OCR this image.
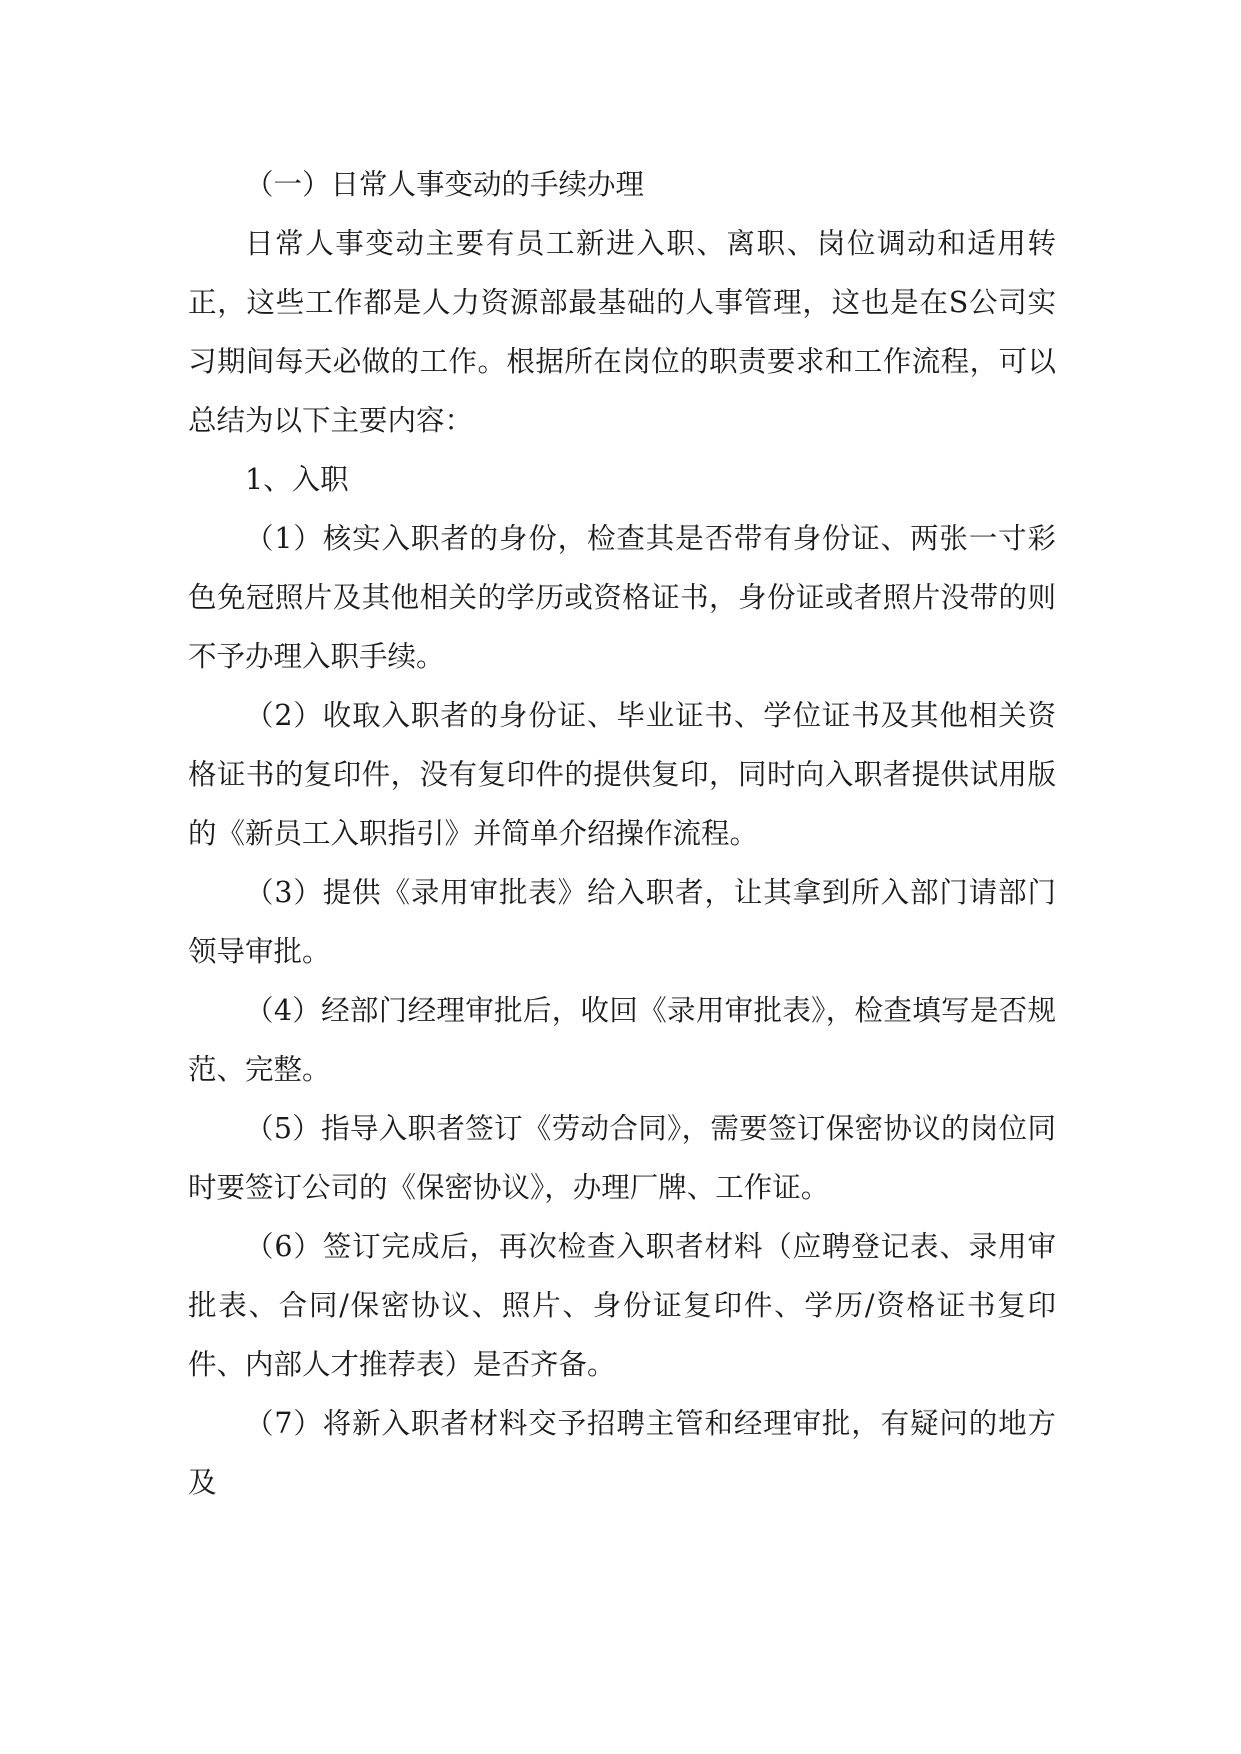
（一）日常人事变动的手续办理

日常人事变动主要有员工新进入职、离职、岗位调动和适用转正，这些工作都是人力资源部最基础的人事管理，这也是在S公司实习期间每天必做的工作。根据所在岗位的职责要求和工作流程，可以总结为以下主要内容：

1、入职

（1）核实入职者的身份，检查其是否带有身份证、两张一寸彩色免冠照片及其他相关的学历或资格证书，身份证或者照片没带的则不予办理入职手续。

（2）收取入职者的身份证、毕业证书、学位证书及其他相关资格证书的复印件，没有复印件的提供复印，同时向入职者提供试用版的《新员工入职指引》并简单介绍操作流程。

（3）提供《录用审批表》给入职者，让其拿到所入部门请部门领导审批。

（4）经部门经理审批后，收回《录用审批表》，检查填写是否规范、完整。

（5）指导入职者签订《劳动合同》，需要签订保密协议的岗位同时要签订公司的《保密协议》，办理厂牌、工作证。

（6）签订完成后，再次检查入职者材料（应聘登记表、录用审批表、合同/保密协议、照片、身份证复印件、学历/资格证书复印件、内部人才推荐表）是否齐备。

（7）将新入职者材料交予招聘主管和经理审批，有疑问的地方及
